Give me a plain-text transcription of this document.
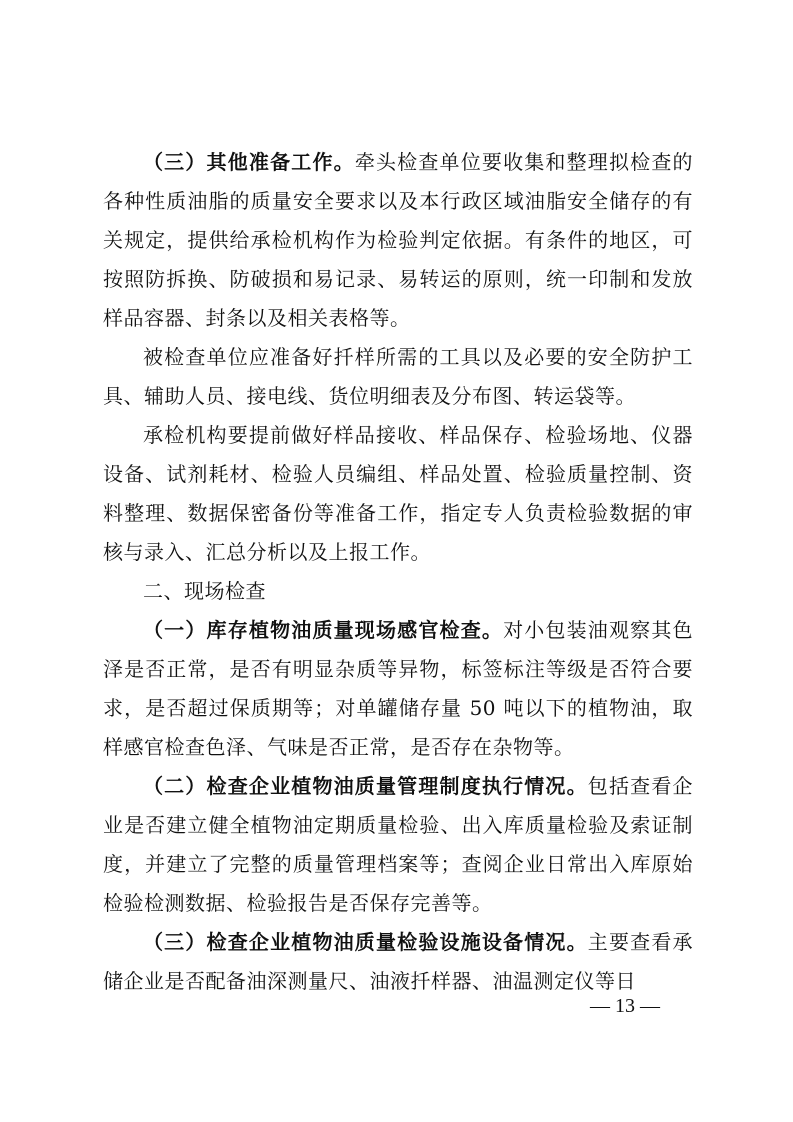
（三）其他准备工作。牵头检查单位要收集和整理拟检查的各种性质油脂的质量安全要求以及本行政区域油脂安全储存的有关规定，提供给承检机构作为检验判定依据。有条件的地区，可按照防拆换、防破损和易记录、易转运的原则，统一印制和发放样品容器、封条以及相关表格等。

被检查单位应准备好扦样所需的工具以及必要的安全防护工具、辅助人员、接电线、货位明细表及分布图、转运袋等。

承检机构要提前做好样品接收、样品保存、检验场地、仪器设备、试剂耗材、检验人员编组、样品处置、检验质量控制、资料整理、数据保密备份等准备工作，指定专人负责检验数据的审核与录入、汇总分析以及上报工作。

二、现场检查

（一）库存植物油质量现场感官检查。对小包装油观察其色泽是否正常，是否有明显杂质等异物，标签标注等级是否符合要求，是否超过保质期等；对单罐储存量 50 吨以下的植物油，取样感官检查色泽、气味是否正常，是否存在杂物等。

（二）检查企业植物油质量管理制度执行情况。包括查看企业是否建立健全植物油定期质量检验、出入库质量检验及索证制度，并建立了完整的质量管理档案等；查阅企业日常出入库原始检验检测数据、检验报告是否保存完善等。

（三）检查企业植物油质量检验设施设备情况。主要查看承储企业是否配备油深测量尺、油液扦样器、油温测定仪等日

— 13 —
